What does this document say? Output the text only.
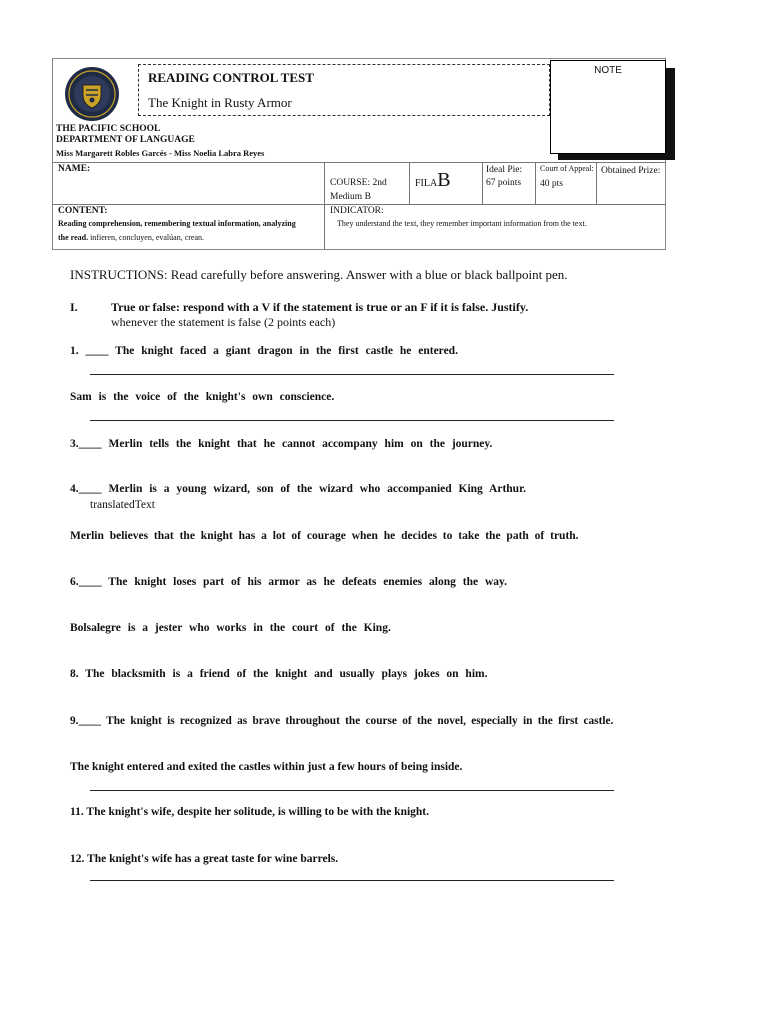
READING CONTROL TEST
The Knight in Rusty Armor
NOTE
THE PACIFIC SCHOOL
DEPARTMENT OF LANGUAGE
Miss Margarett Robles Garcés - Miss Noelia Labra Reyes
NAME:
COURSE: 2nd
Medium B
FILAB	Ideal Pie:
67 points
Court of Appeal:
40 pts
Obtained Prize:
CONTENT:
Reading comprehension, remembering textual information, analyzing
the read. infieren, concluyen, evalúan, crean.
INDICATOR:
They understand the text, they remember important information from the text.
INSTRUCTIONS: Read carefully before answering. Answer with a blue or black ballpoint pen.
I.	True or false: respond with a V if the statement is true or an F if it is false. Justify.
whenever the statement is false (2 points each)
1. ____ The knight faced a giant dragon in the first castle he entered.
Sam is the voice of the knight's own conscience.
3.____ Merlin tells the knight that he cannot accompany him on the journey.
4.____ Merlin is a young wizard, son of the wizard who accompanied King Arthur.
translatedText
Merlin believes that the knight has a lot of courage when he decides to take the path of truth.
6.____ The knight loses part of his armor as he defeats enemies along the way.
Bolsalegre is a jester who works in the court of the King.
8. The blacksmith is a friend of the knight and usually plays jokes on him.
9.____ The knight is recognized as brave throughout the course of the novel, especially in the first castle.
The knight entered and exited the castles within just a few hours of being inside.
11. The knight's wife, despite her solitude, is willing to be with the knight.
12. The knight's wife has a great taste for wine barrels.
